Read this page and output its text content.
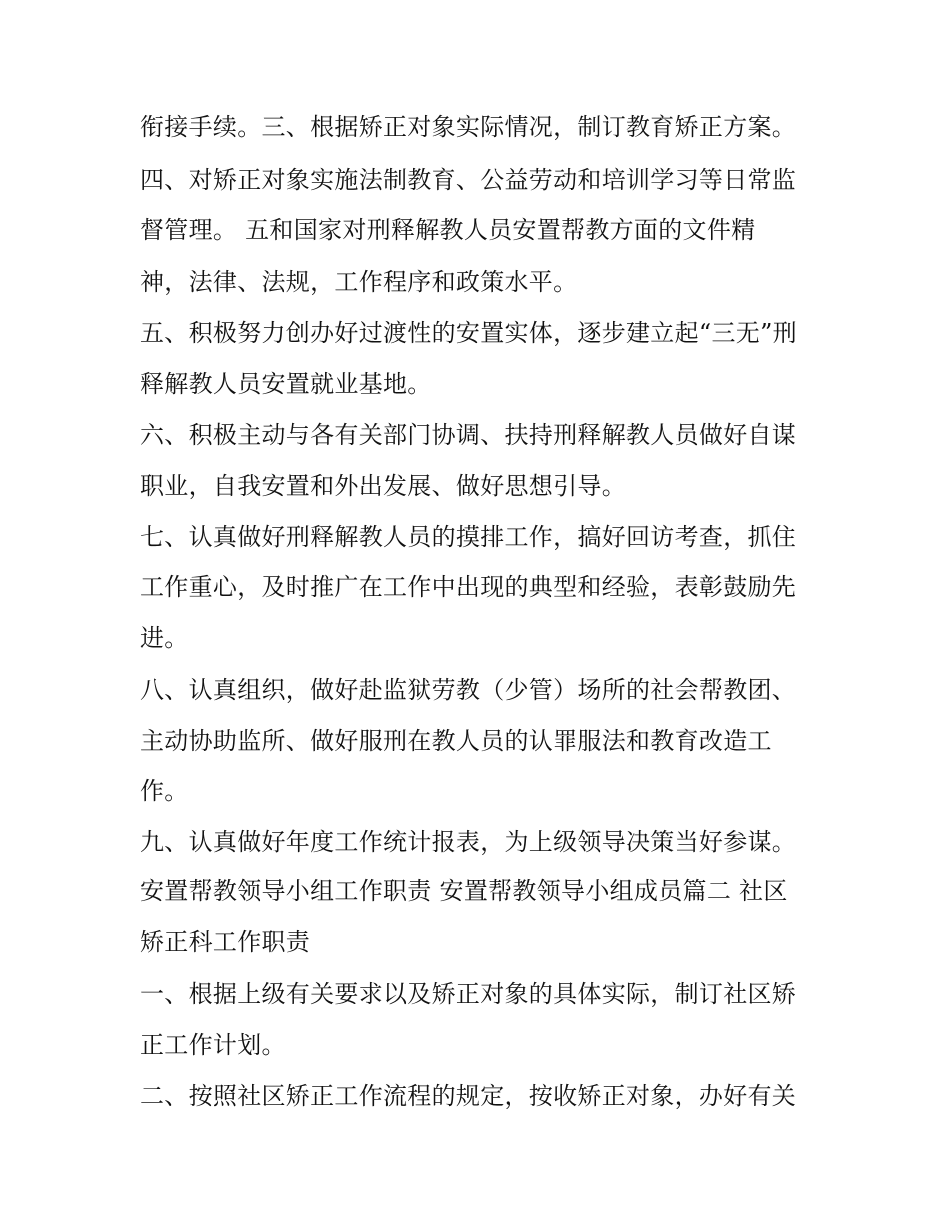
衔接手续。三、根据矫正对象实际情况，制订教育矫正方案。
四、对矫正对象实施法制教育、公益劳动和培训学习等日常监
督管理。 五和国家对刑释解教人员安置帮教方面的文件精
神，法律、法规，工作程序和政策水平。
五、积极努力创办好过渡性的安置实体，逐步建立起“三无”刑
释解教人员安置就业基地。
六、积极主动与各有关部门协调、扶持刑释解教人员做好自谋
职业，自我安置和外出发展、做好思想引导。
七、认真做好刑释解教人员的摸排工作，搞好回访考查，抓住
工作重心，及时推广在工作中出现的典型和经验，表彰鼓励先
进。
八、认真组织，做好赴监狱劳教（少管）场所的社会帮教团、
主动协助监所、做好服刑在教人员的认罪服法和教育改造工
作。
九、认真做好年度工作统计报表，为上级领导决策当好参谋。
安置帮教领导小组工作职责 安置帮教领导小组成员篇二 社区
矫正科工作职责
一、根据上级有关要求以及矫正对象的具体实际，制订社区矫
正工作计划。
二、按照社区矫正工作流程的规定，按收矫正对象，办好有关
